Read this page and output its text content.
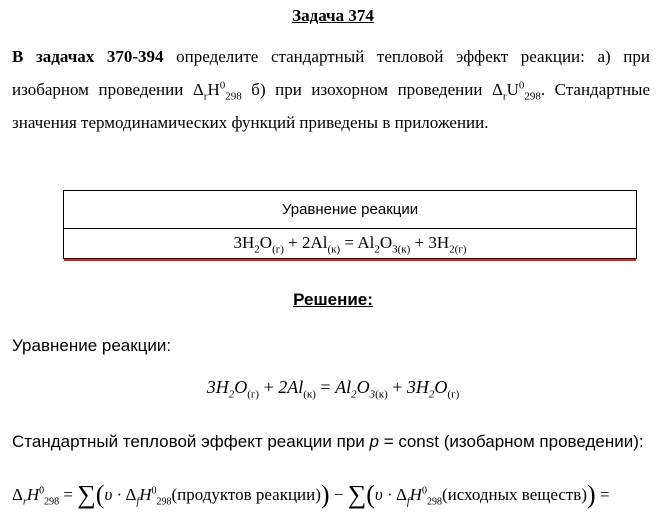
Задача 374
В задачах 370-394 определите стандартный тепловой эффект реакции: а) при изобарном проведении $\Delta_rH^0_{298}$ б) при изохорном проведении $\Delta_rU^0_{298}$. Стандартные значения термодинамических функций приведены в приложении.
Уравнение реакции
$3H_2O_{(г)} + 2Al_{(к)} = Al_2O_{3(к)} + 3H_{2(г)}$
Решение:
Уравнение реакции:
$3H_2O_{(г)} + 2Al_{(к)} = Al_2O_{3(к)} + 3H_2O_{(г)}$
Стандартный тепловой эффект реакции при p = const (изобарном проведении):
$\Delta_rH^0_{298} = \sum(\upsilon$ · $\Delta_fH^0_{298}(продуктов$ реакции)) − $\sum(\upsilon \cdot \Delta_fH^0_{298}(исходных$ веществ)) =
